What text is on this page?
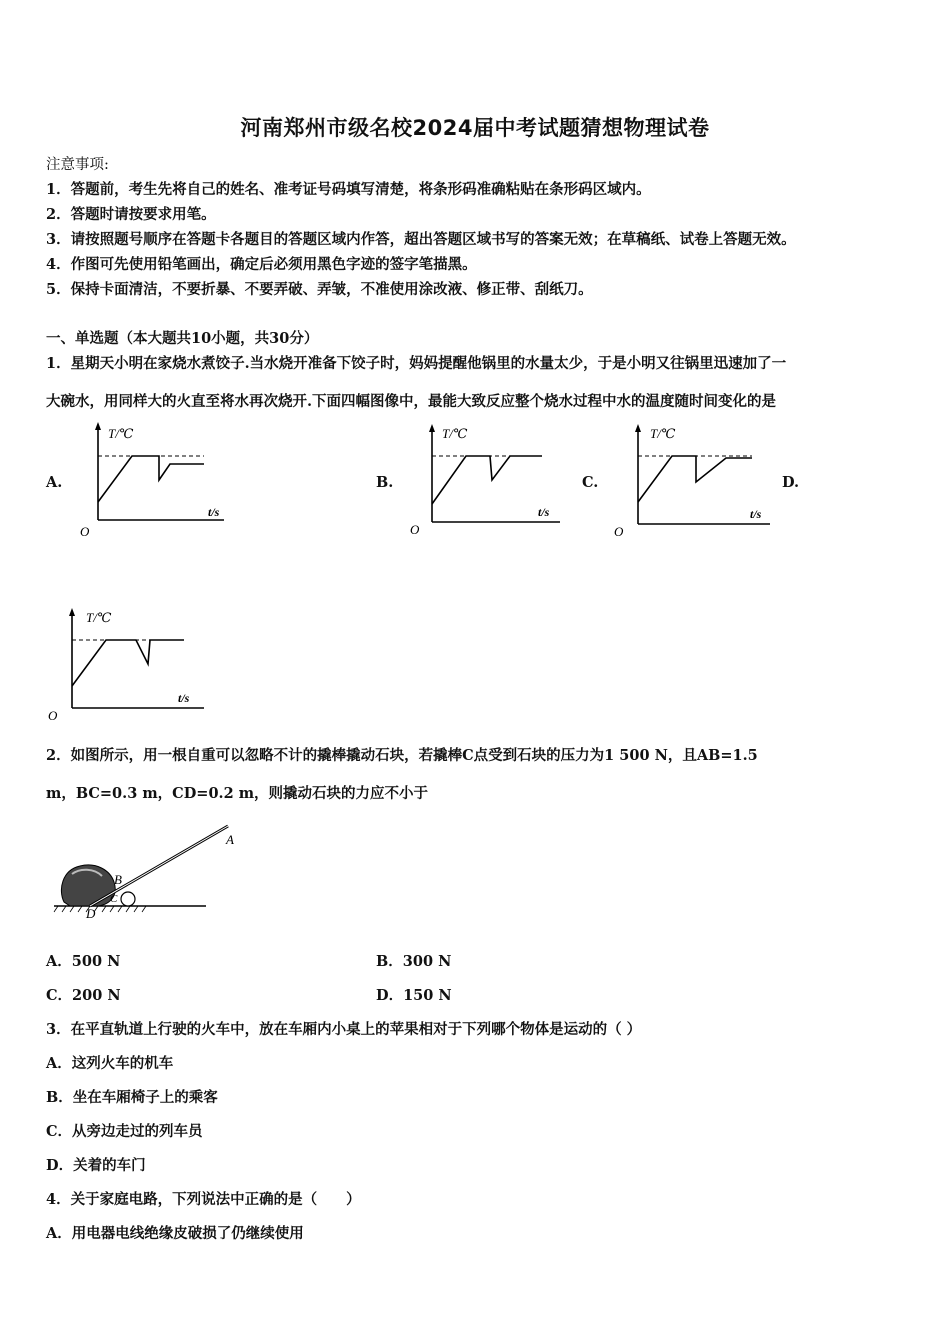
河南郑州市级名校2024届中考试题猜想物理试卷
注意事项:
1．答题前，考生先将自己的姓名、准考证号码填写清楚，将条形码准确粘贴在条形码区域内。
2．答题时请按要求用笔。
3．请按照题号顺序在答题卡各题目的答题区域内作答，超出答题区域书写的答案无效；在草稿纸、试卷上答题无效。
4．作图可先使用铅笔画出，确定后必须用黑色字迹的签字笔描黑。
5．保持卡面清洁，不要折暴、不要弄破、弄皱，不准使用涂改液、修正带、刮纸刀。
一、单选题（本大题共10小题，共30分）
1．星期天小明在家烧水煮饺子.当水烧开准备下饺子时，妈妈提醒他锅里的水量太少，于是小明又往锅里迅速加了一
大碗水，用同样大的火直至将水再次烧开.下面四幅图像中，最能大致反应整个烧水过程中水的温度随时间变化的是
A.	B.	C.	D.
T/℃
t/s
O
T/℃
t/s
O
T/℃
t/s
O
T/℃
t/s
O
2．如图所示，用一根自重可以忽略不计的撬棒撬动石块，若撬棒C点受到石块的压力为1 500 N，且AB=1.5
m，BC=0.3 m，CD=0.2 m，则撬动石块的力应不小于
A
B
C
D
A．500 N	B．300 N
C．200 N	D．150 N
3．在平直轨道上行驶的火车中，放在车厢内小桌上的苹果相对于下列哪个物体是运动的（ ）
A．这列火车的机车
B．坐在车厢椅子上的乘客
C．从旁边走过的列车员
D．关着的车门
4．关于家庭电路，下列说法中正确的是（　　）
A．用电器电线绝缘皮破损了仍继续使用
